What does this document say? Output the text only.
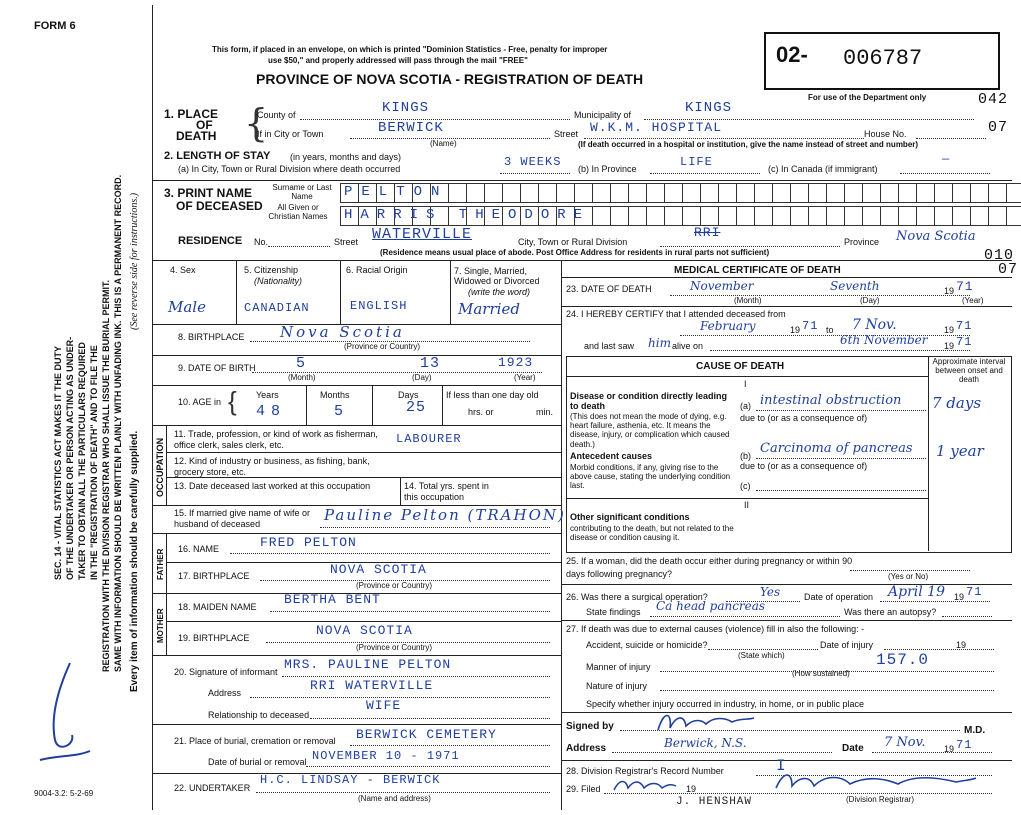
FORM 6
This form, if placed in an envelope, on which is printed "Dominion Statistics - Free, penalty for improper
use $50," and properly addressed will pass through the mail "FREE"
PROVINCE OF NOVA SCOTIA - REGISTRATION OF DEATH
02- 006787
For use of the Department only	042
07
010
07
SEC. 14 - VITAL STATISTICS ACT MAKES IT THE DUTY OF THE UNDERTAKER OR PERSON ACTING AS UNDER- TAKER TO OBTAIN ALL THE PARTICULARS REQUIRED IN THE "REGISTRATION OF DEATH" AND TO FILE THE REGISTRATION WITH THE DIVISION REGISTRAR WHO SHALL ISSUE THE BURIAL PERMIT. SAME WITH INFORMATION SHOULD BE WRITTEN PLAINLY WITH UNFADING INK. THIS IS A PERMANENT RECORD. Every item of information should be carefully supplied.
(See reverse side for instructions.)
9004-3.2: 5-2-69
1. PLACE
OF
DEATH {
County of	KINGS	Municipality of	KINGS
If in City or Town	BERWICK
(Name)
Street W.K.M. HOSPITAL	House No.
(If death occurred in a hospital or institution, give the name instead of street and number)
2. LENGTH OF STAY (in years, months and days)
(a) In City, Town or Rural Division where death occurred	3 WEEKS (b) In Province	LIFE	(c) In Canada (if immigrant)
—
3. PRINT NAME
OF DECEASED
Surname or Last Name
All Given or Christian Names
PELTON
HARRIS THEODORE
RESIDENCE No.	Street WATERVILLE	City, Town or Rural Division
RRI
Province Nova Scotia
(Residence means usual place of abode. Post Office Address for residents in rural parts not sufficient)
4. Sex
Male
5. Citizenship
(Nationality)
CANADIAN
6. Racial Origin
ENGLISH
7. Single, Married, Widowed or Divorced
(write the word)
Married
8. BIRTHPLACE Nova Scotia
(Province or Country)
9. DATE OF BIRTH	5	13	1923
(Month)	(Day)	(Year)
10. AGE in { Years	Months	Days
48	5	25
If less than one day old
hrs. or	min.
OCCUPATION
11. Trade, profession, or kind of work as fisherman, office clerk, sales clerk, etc.	LABOURER
12. Kind of industry or business, as fishing, bank, grocery store, etc.
13. Date deceased last worked at this occupation	14. Total yrs. spent in this occupation
15. If married give name of wife or husband of deceased	Pauline Pelton (TRAHON)
FATHER 16. NAME	FRED PELTON
17. BIRTHPLACE	NOVA SCOTIA
(Province or Country)
MOTHER
18. MAIDEN NAME BERTHA BENT
19. BIRTHPLACE	NOVA SCOTIA
(Province or Country)
20. Signature of informant MRS. PAULINE PELTON
Address	RRI WATERVILLE
Relationship to deceased
WIFE
21. Place of burial, cremation or removal BERWICK CEMETERY
Date of burial or removal NOVEMBER 10 - 1971
22. UNDERTAKER
H.C. LINDSAY - BERWICK
(Name and address)
MEDICAL CERTIFICATE OF DEATH
23. DATE OF DEATH	November	Seventh	19 71
(Month)	(Day)	(Year)
24. I HEREBY CERTIFY that I attended deceased from
February	19 71 to 7 Nov.	19 71
and last saw him alive on	6th November 19 71
CAUSE OF DEATH	Approximate interval between onset and death
I
Disease or condition directly leading to death
(This does not mean the mode of dying, e.g. heart failure, asthenia, etc. It means the disease, injury, or complication which caused death.)
(a) intestinal obstruction 7 days
due to (or as a consequence of)
Antecedent causes
Morbid conditions, if any, giving rise to the above cause, stating the underlying condition last.
(b) Carcinoma of pancreas 1 year
due to (or as a consequence of)
(c)
II
Other significant conditions
contributing to the death, but not related to the disease or condition causing it.
25. If a woman, did the death occur either during pregnancy or within 90 days following pregnancy?	(Yes or No)
26. Was there a surgical operation?	Yes	Date of operation April 19 19 71
State findings Ca head pancreas	Was there an autopsy?
27. If death was due to external causes (violence) fill in also the following: -
Accident, suicide or homicide?
(State which)
Date of injury	19
Manner of injury	157.0
(How sustained)
Nature of injury
Specify whether injury occurred in industry, in home, or in public place
Signed by	M.D.
Address	Berwick, N.S.	Date 7 Nov. 19 71
28. Division Registrar's Record Number	I
29. Filed	19
(Division Registrar)
J. HENSHAW
